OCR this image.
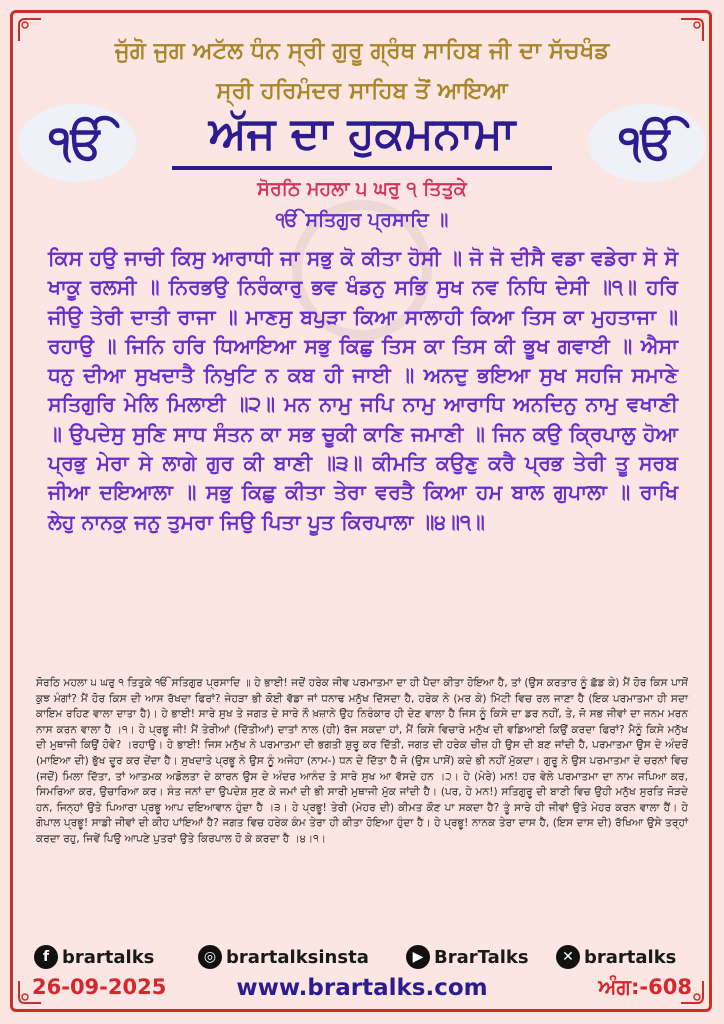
ਜੁੱਗੋ ਜੁਗ ਅਟੱਲ ਧੰਨ ਸ੍ਰੀ ਗੁਰੂ ਗ੍ਰੰਥ ਸਾਹਿਬ ਜੀ ਦਾ ਸੱਚਖੰਡ
ਸ੍ਰੀ ਹਰਿਮੰਦਰ ਸਾਹਿਬ ਤੋਂ ਆਇਆ
ੴ	ੴ
ਅੱਜ ਦਾ ਹੁਕਮਨਾਮਾ
ਸੋਰਠਿ ਮਹਲਾ ੫ ਘਰੁ ੧ ਤਿਤੁਕੇ
ੴ ਸਤਿਗੁਰ ਪ੍ਰਸਾਦਿ ॥

ਕਿਸ ਹਉ ਜਾਚੀ ਕਿਸੁ ਆਰਾਧੀ ਜਾ ਸਭੁ ਕੋ ਕੀਤਾ ਹੋਸੀ ॥ ਜੋ ਜੋ ਦੀਸੈ ਵਡਾ ਵਡੇਰਾ ਸੋ ਸੋ ਖਾਕੂ ਰਲਸੀ ॥ ਨਿਰਭਉ ਨਿਰੰਕਾਰੁ ਭਵ ਖੰਡਨੁ ਸਭਿ ਸੁਖ ਨਵ ਨਿਧਿ ਦੇਸੀ ॥੧॥ ਹਰਿ ਜੀਉ ਤੇਰੀ ਦਾਤੀ ਰਾਜਾ ॥ ਮਾਣਸੁ ਬਪੁੜਾ ਕਿਆ ਸਾਲਾਹੀ ਕਿਆ ਤਿਸ ਕਾ ਮੁਹਤਾਜਾ ॥ ਰਹਾਉ ॥ ਜਿਨਿ ਹਰਿ ਧਿਆਇਆ ਸਭੁ ਕਿਛੁ ਤਿਸ ਕਾ ਤਿਸ ਕੀ ਭੂਖ ਗਵਾਈ ॥ ਐਸਾ ਧਨੁ ਦੀਆ ਸੁਖਦਾਤੈ ਨਿਖੁਟਿ ਨ ਕਬ ਹੀ ਜਾਈ ॥ ਅਨਦੁ ਭਇਆ ਸੁਖ ਸਹਜਿ ਸਮਾਣੇ ਸਤਿਗੁਰਿ ਮੇਲਿ ਮਿਲਾਈ ॥੨॥ ਮਨ ਨਾਮੁ ਜਪਿ ਨਾਮੁ ਆਰਾਧਿ ਅਨਦਿਨੁ ਨਾਮੁ ਵਖਾਣੀ ॥ ਉਪਦੇਸੁ ਸੁਣਿ ਸਾਧ ਸੰਤਨ ਕਾ ਸਭ ਚੂਕੀ ਕਾਣਿ ਜਮਾਣੀ ॥ ਜਿਨ ਕਉ ਕ੍ਰਿਪਾਲੁ ਹੋਆ ਪ੍ਰਭੁ ਮੇਰਾ ਸੇ ਲਾਗੇ ਗੁਰ ਕੀ ਬਾਣੀ ॥੩॥ ਕੀਮਤਿ ਕਉਣੁ ਕਰੈ ਪ੍ਰਭ ਤੇਰੀ ਤੂ ਸਰਬ ਜੀਆ ਦਇਆਲਾ ॥ ਸਭੁ ਕਿਛੁ ਕੀਤਾ ਤੇਰਾ ਵਰਤੈ ਕਿਆ ਹਮ ਬਾਲ ਗੁਪਾਲਾ ॥ ਰਾਖਿ ਲੇਹੁ ਨਾਨਕੁ ਜਨੁ ਤੁਮਰਾ ਜਿਉ ਪਿਤਾ ਪੂਤ ਕਿਰਪਾਲਾ ॥੪॥੧॥

ਸੋਰਠਿ ਮਹਲਾ ੫ ਘਰੁ ੧ ਤਿਤੁਕੇ ੴ ਸਤਿਗੁਰ ਪ੍ਰਸਾਦਿ ॥ ਹੇ ਭਾਈ! ਜਦੋਂ ਹਰੇਕ ਜੀਵ ਪਰਮਾਤਮਾ ਦਾ ਹੀ ਪੈਦਾ ਕੀਤਾ ਹੋਇਆ ਹੈ, ਤਾਂ (ਉਸ ਕਰਤਾਰ ਨੂੰ ਛੱਡ ਕੇ) ਮੈਂ ਹੋਰ ਕਿਸ ਪਾਸੋਂ ਕੁਝ ਮੰਗਾਂ? ਮੈਂ ਹੋਰ ਕਿਸ ਦੀ ਆਸ ਰੱਖਦਾ ਫਿਰਾਂ? ਜੇਹੜਾ ਭੀ ਕੋਈ ਵੱਡਾ ਜਾਂ ਧਨਾਢ ਮਨੁੱਖ ਦਿੱਸਦਾ ਹੈ, ਹਰੇਕ ਨੇ (ਮਰ ਕੇ) ਮਿੱਟੀ ਵਿਚ ਰਲ ਜਾਣਾ ਹੈ (ਇਕ ਪਰਮਾਤਮਾ ਹੀ ਸਦਾ ਕਾਇਮ ਰਹਿਣ ਵਾਲਾ ਦਾਤਾ ਹੈ)। ਹੇ ਭਾਈ! ਸਾਰੇ ਸੁਖ ਤੇ ਜਗਤ ਦੇ ਸਾਰੇ ਨੌ ਖ਼ਜ਼ਾਨੇ ਉਹ ਨਿਰੰਕਾਰ ਹੀ ਦੇਣ ਵਾਲਾ ਹੈ ਜਿਸ ਨੂੰ ਕਿਸੇ ਦਾ ਡਰ ਨਹੀਂ, ਤੇ, ਜੋ ਸਭ ਜੀਵਾਂ ਦਾ ਜਨਮ ਮਰਨ ਨਾਸ ਕਰਨ ਵਾਲਾ ਹੈ ।੧। ਹੇ ਪ੍ਰਭੂ ਜੀ! ਮੈਂ ਤੇਰੀਆਂ (ਦਿੱਤੀਆਂ) ਦਾਤਾਂ ਨਾਲ (ਹੀ) ਰੱਜ ਸਕਦਾ ਹਾਂ, ਮੈਂ ਕਿਸੇ ਵਿਚਾਰੇ ਮਨੁੱਖ ਦੀ ਵਡਿਆਈ ਕਿਉਂ ਕਰਦਾ ਫਿਰਾਂ? ਮੈਨੂੰ ਕਿਸੇ ਮਨੁੱਖ ਦੀ ਮੁਥਾਜੀ ਕਿਉਂ ਹੋਵੇ? ।ਰਹਾਉ। ਹੇ ਭਾਈ! ਜਿਸ ਮਨੁੱਖ ਨੇ ਪਰਮਾਤਮਾ ਦੀ ਭਗਤੀ ਸ਼ੁਰੂ ਕਰ ਦਿੱਤੀ, ਜਗਤ ਦੀ ਹਰੇਕ ਚੀਜ਼ ਹੀ ਉਸ ਦੀ ਬਣ ਜਾਂਦੀ ਹੈ, ਪਰਮਾਤਮਾ ਉਸ ਦੇ ਅੰਦਰੋਂ (ਮਾਇਆ ਦੀ) ਭੁੱਖ ਦੂਰ ਕਰ ਦੇਂਦਾ ਹੈ। ਸੁਖਦਾਤੇ ਪ੍ਰਭੂ ਨੇ ਉਸ ਨੂੰ ਅਜੇਹਾ (ਨਾਮ-) ਧਨ ਦੇ ਦਿੱਤਾ ਹੈ ਜੋ (ਉਸ ਪਾਸੋਂ) ਕਦੇ ਭੀ ਨਹੀਂ ਮੁੱਕਦਾ। ਗੁਰੂ ਨੇ ਉਸ ਪਰਮਾਤਮਾ ਦੇ ਚਰਨਾਂ ਵਿਚ (ਜਦੋਂ) ਮਿਲਾ ਦਿੱਤਾ, ਤਾਂ ਆਤਮਕ ਅਡੋਲਤਾ ਦੇ ਕਾਰਨ ਉਸ ਦੇ ਅੰਦਰ ਆਨੰਦ ਤੇ ਸਾਰੇ ਸੁਖ ਆ ਵੱਸਦੇ ਹਨ ।੨। ਹੇ (ਮੇਰੇ) ਮਨ! ਹਰ ਵੇਲੇ ਪਰਮਾਤਮਾ ਦਾ ਨਾਮ ਜਪਿਆ ਕਰ, ਸਿਮਰਿਆ ਕਰ, ਉਚਾਰਿਆ ਕਰ। ਸੰਤ ਜਨਾਂ ਦਾ ਉਪਦੇਸ਼ ਸੁਣ ਕੇ ਜਮਾਂ ਦੀ ਭੀ ਸਾਰੀ ਮੁਥਾਜੀ ਮੁੱਕ ਜਾਂਦੀ ਹੈ। (ਪਰ, ਹੇ ਮਨ!) ਸਤਿਗੁਰੂ ਦੀ ਬਾਣੀ ਵਿਚ ਉਹੀ ਮਨੁੱਖ ਸੁਰਤਿ ਜੋੜਦੇ ਹਨ, ਜਿਨ੍ਹਾਂ ਉਤੇ ਪਿਆਰਾ ਪ੍ਰਭੂ ਆਪ ਦਇਆਵਾਨ ਹੁੰਦਾ ਹੈ ।੩। ਹੇ ਪ੍ਰਭੂ! ਤੇਰੀ (ਮੇਹਰ ਦੀ) ਕੀਮਤ ਕੌਣ ਪਾ ਸਕਦਾ ਹੈ? ਤੂੰ ਸਾਰੇ ਹੀ ਜੀਵਾਂ ਉਤੇ ਮੇਹਰ ਕਰਨ ਵਾਲਾ ਹੈਂ। ਹੇ ਗੋਪਾਲ ਪ੍ਰਭੂ! ਸਾਡੀ ਜੀਵਾਂ ਦੀ ਕੀਹ ਪਾਂਇਆਂ ਹੈ? ਜਗਤ ਵਿਚ ਹਰੇਕ ਕੰਮ ਤੇਰਾ ਹੀ ਕੀਤਾ ਹੋਇਆ ਹੁੰਦਾ ਹੈ। ਹੇ ਪ੍ਰਭੂ! ਨਾਨਕ ਤੇਰਾ ਦਾਸ ਹੈ, (ਇਸ ਦਾਸ ਦੀ) ਰੱਖਿਆ ਉਸੇ ਤਰ੍ਹਾਂ ਕਰਦਾ ਰਹੁ, ਜਿਵੇਂ ਪਿਉ ਆਪਣੇ ਪੁਤਰਾਂ ਉਤੇ ਕਿਰਪਾਲ ਹੋ ਕੇ ਕਰਦਾ ਹੈ ।੪।੧।

f brartalks	◎ brartalksinsta	▶ BrarTalks	✕ brartalks
26-09-2025	www.brartalks.com	ਅੰਗ:-608
